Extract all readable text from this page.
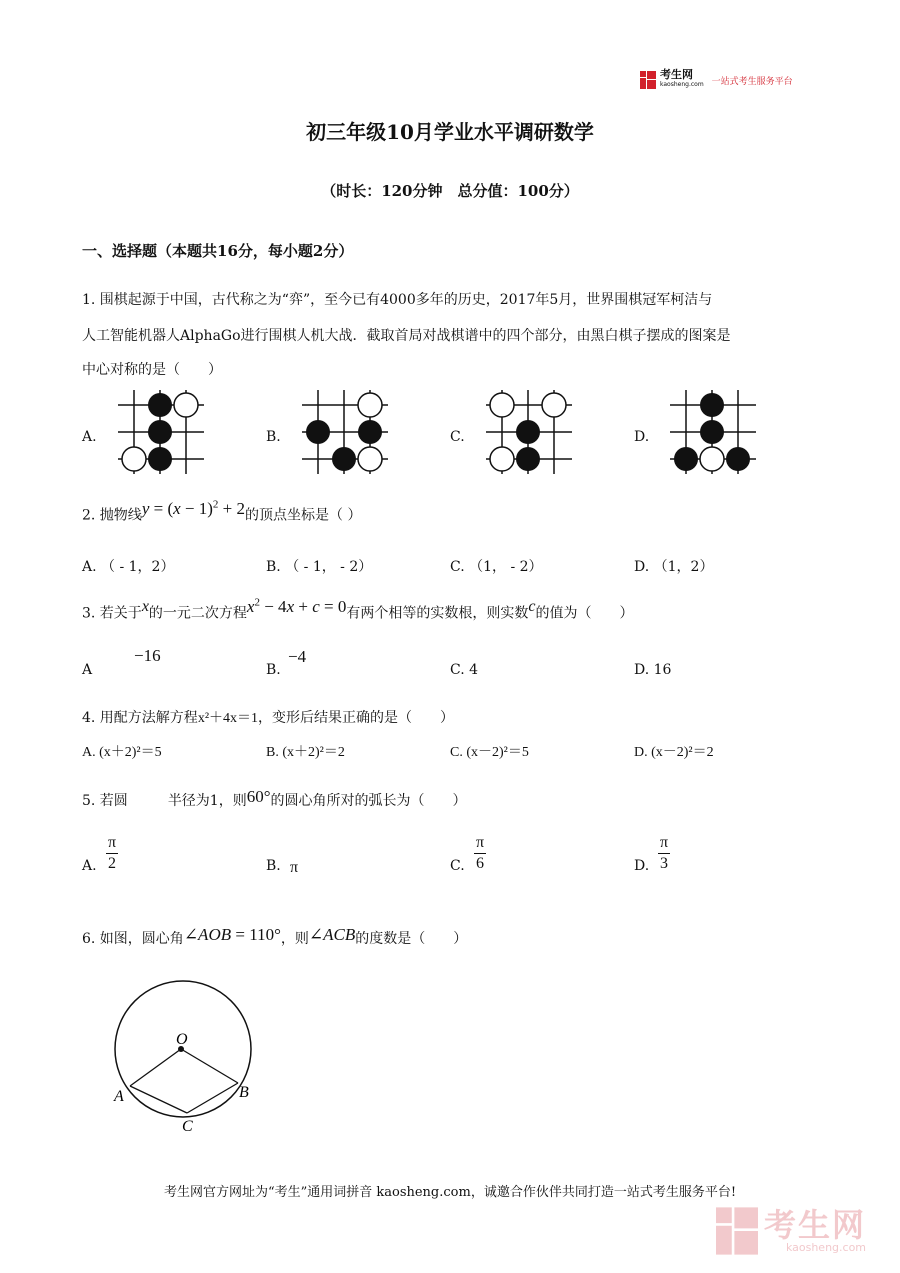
考生网
kaosheng.com 一站式考生服务平台
初三年级10月学业水平调研数学
（时长：120分钟　总分值：100分）
一、选择题（本题共16分，每小题2分）
1. 围棋起源于中国，古代称之为“弈”，至今已有4000多年的历史，2017年5月，世界围棋冠军柯洁与
人工智能机器人AlphaGo进行围棋人机大战．截取首局对战棋谱中的四个部分，由黑白棋子摆成的图案是
中心对称的是（　　）
A.	B.	C.	D.
2. 抛物线$y = (x - 1)^2 + 2$的顶点坐标是（ ）
A. （ - 1，2）	B. （ - 1， - 2）	C. （1， - 2）	D. （1，2）
3. 若关于x的一元二次方程$x^2 - 4x + c = 0$有两个相等的实数根，则实数c的值为（　　）
A
−16
B.
−4
C. 4	D. 16
4. 用配方法解方程x²＋4x＝1，变形后结果正确的是（　　）
A. (x＋2)²＝5	B. (x＋2)²＝2	C. (x－2)²＝5	D. (x－2)²＝2
5. 若圆	半径为1，则60°的圆心角所对的弧长为（　　）
A. $\frac{\pi}{2}$	B. π	C. $\frac{\pi}{6}$	D. $\frac{\pi}{3}$
6. 如图，圆心角∠AOB = 110°，则∠ACB的度数是（　　）
O
A	B
C
考生网官方网址为“考生”通用词拼音 kaosheng.com，诚邀合作伙伴共同打造一站式考生服务平台!
考生网
kaosheng.com
